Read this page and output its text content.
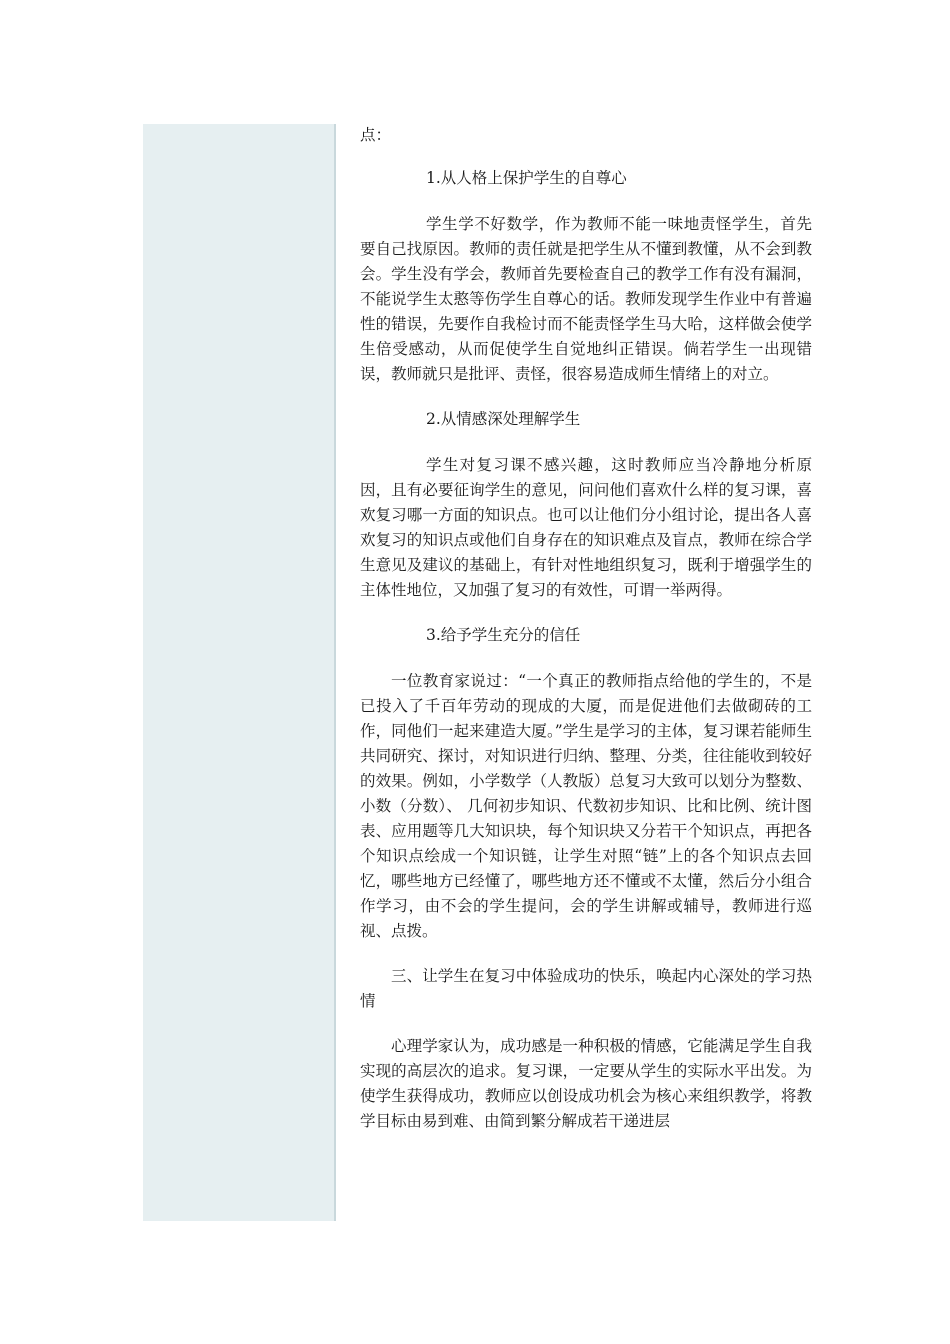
点：

1.从人格上保护学生的自尊心

学生学不好数学，作为教师不能一味地责怪学生，首先要自己找原因。教师的责任就是把学生从不懂到教懂，从不会到教会。学生没有学会，教师首先要检查自己的教学工作有没有漏洞，不能说学生太憨等伤学生自尊心的话。教师发现学生作业中有普遍性的错误，先要作自我检讨而不能责怪学生马大哈，这样做会使学生倍受感动，从而促使学生自觉地纠正错误。倘若学生一出现错误，教师就只是批评、责怪，很容易造成师生情绪上的对立。

2.从情感深处理解学生

学生对复习课不感兴趣，这时教师应当冷静地分析原因，且有必要征询学生的意见，问问他们喜欢什么样的复习课，喜欢复习哪一方面的知识点。也可以让他们分小组讨论，提出各人喜欢复习的知识点或他们自身存在的知识难点及盲点，教师在综合学生意见及建议的基础上，有针对性地组织复习，既利于增强学生的主体性地位，又加强了复习的有效性，可谓一举两得。

3.给予学生充分的信任

一位教育家说过：“一个真正的教师指点给他的学生的，不是已投入了千百年劳动的现成的大厦，而是促进他们去做砌砖的工作，同他们一起来建造大厦。”学生是学习的主体，复习课若能师生共同研究、探讨，对知识进行归纳、整理、分类，往往能收到较好的效果。例如，小学数学（人教版）总复习大致可以划分为整数、小数（分数）、 几何初步知识、代数初步知识、比和比例、统计图表、应用题等几大知识块，每个知识块又分若干个知识点，再把各个知识点绘成一个知识链，让学生对照“链”上的各个知识点去回忆，哪些地方已经懂了，哪些地方还不懂或不太懂，然后分小组合作学习，由不会的学生提问，会的学生讲解或辅导，教师进行巡视、点拨。

三、让学生在复习中体验成功的快乐，唤起内心深处的学习热情

心理学家认为，成功感是一种积极的情感，它能满足学生自我实现的高层次的追求。复习课，一定要从学生的实际水平出发。为使学生获得成功，教师应以创设成功机会为核心来组织教学，将教学目标由易到难、由简到繁分解成若干递进层
